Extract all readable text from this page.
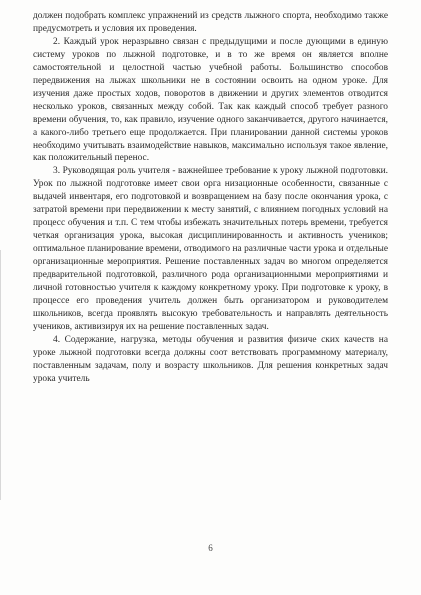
должен подобрать комплекс упражнений из средств лыжного спорта, необходимо также предусмотреть и условия их проведения.

2. Каждый урок неразрывно связан с предыдущими и после дующими в единую систему уроков по лыжной подготовке, и в то же время он является вполне самостоятельной и целостной частью учебной работы. Большинство способов передвижения на лыжах школьники не в состоянии освоить на одном уроке. Для изучения даже простых ходов, поворотов в движении и других элементов отводится несколько уроков, связанных между собой. Так как каждый способ требует разного времени обучения, то, как правило, изучение одного заканчивается, другого начинается, а какого-либо третьего еще продолжается. При планировании данной системы уроков необходимо учитывать взаимодействие навыков, максимально используя такое явление, как положительный перенос.

3. Руководящая роль учителя - важнейшее требование к уроку лыжной подготовки. Урок по лыжной подготовке имеет свои орга низационные особенности, связанные с выдачей инвентаря, его подготовкой и возвращением на базу после окончания урока, с затратой времени при передвижении к месту занятий, с влиянием погодных условий на процесс обучения и т.п. С тем чтобы избежать значительных потерь времени, требуется четкая организация урока, высокая дисциплинированность и активность учеников; оптимальное планирование времени, отводимого на различные части урока и отдельные организационные мероприятия. Решение поставленных задач во многом определяется предварительной подготовкой, различного рода организационными мероприятиями и личной готовностью учителя к каждому конкретному уроку. При подготовке к уроку, в процессе его проведения учитель должен быть организатором и руководителем школьников, всегда проявлять высокую требовательность и направлять деятельность учеников, активизируя их на решение поставленных задач.

4. Содержание, нагрузка, методы обучения и развития физиче ских качеств на уроке лыжной подготовки всегда должны соот ветствовать программному материалу, поставленным задачам, полу и возрасту школьников. Для решения конкретных задач урока учитель

6
